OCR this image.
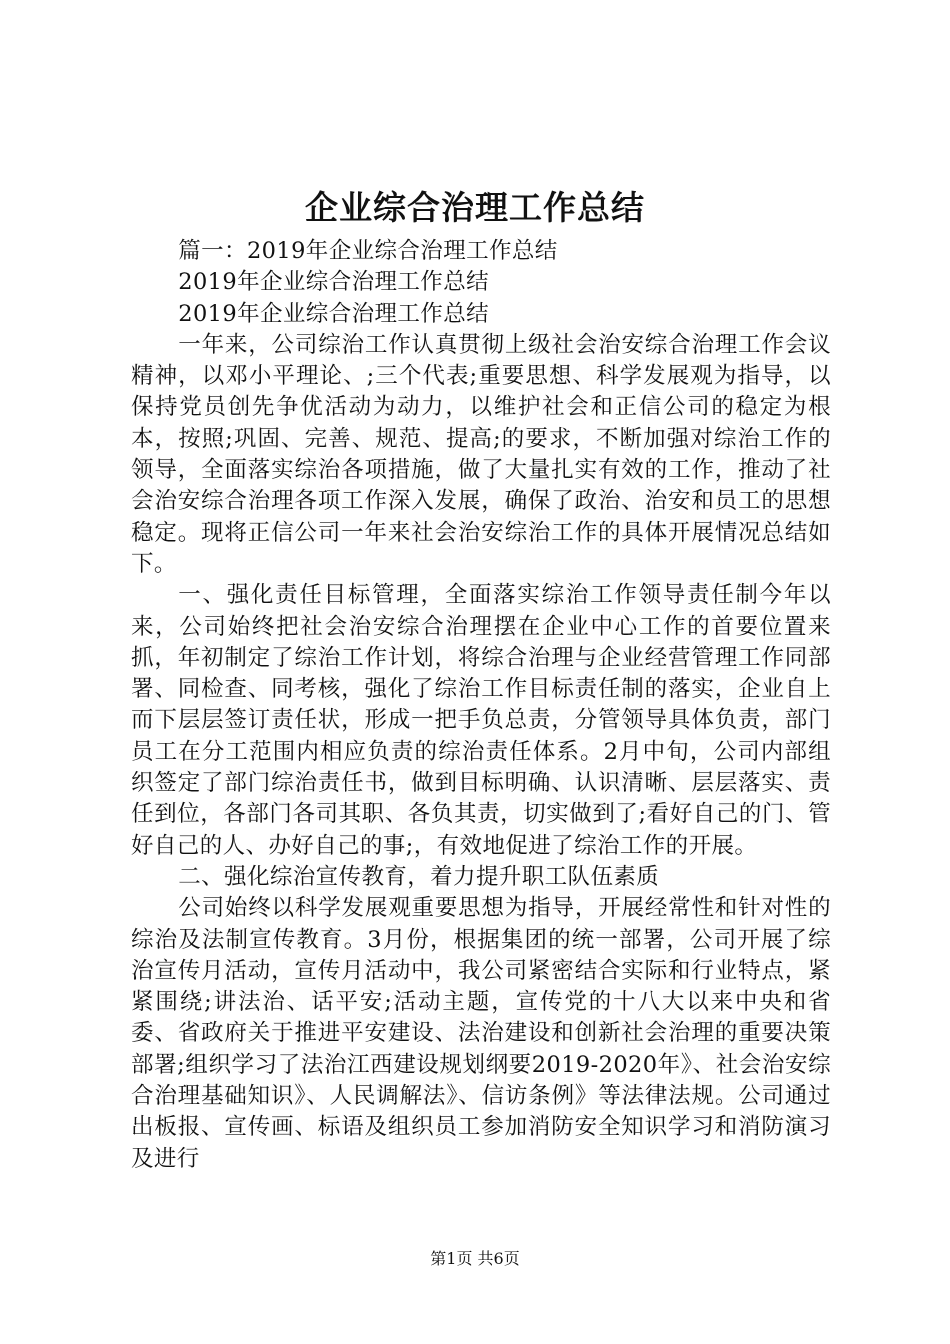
企业综合治理工作总结

篇一：2019年企业综合治理工作总结

2019年企业综合治理工作总结

2019年企业综合治理工作总结

一年来，公司综治工作认真贯彻上级社会治安综合治理工作会议精神，以邓小平理论、;三个代表;重要思想、科学发展观为指导，以保持党员创先争优活动为动力，以维护社会和正信公司的稳定为根本，按照;巩固、完善、规范、提高;的要求，不断加强对综治工作的领导，全面落实综治各项措施，做了大量扎实有效的工作，推动了社会治安综合治理各项工作深入发展，确保了政治、治安和员工的思想稳定。现将正信公司一年来社会治安综治工作的具体开展情况总结如下。

一、强化责任目标管理，全面落实综治工作领导责任制今年以来，公司始终把社会治安综合治理摆在企业中心工作的首要位置来抓，年初制定了综治工作计划，将综合治理与企业经营管理工作同部署、同检查、同考核，强化了综治工作目标责任制的落实，企业自上而下层层签订责任状，形成一把手负总责，分管领导具体负责，部门员工在分工范围内相应负责的综治责任体系。2月中旬，公司内部组织签定了部门综治责任书，做到目标明确、认识清晰、层层落实、责任到位，各部门各司其职、各负其责，切实做到了;看好自己的门、管好自己的人、办好自己的事;，有效地促进了综治工作的开展。

二、强化综治宣传教育，着力提升职工队伍素质

公司始终以科学发展观重要思想为指导，开展经常性和针对性的综治及法制宣传教育。3月份，根据集团的统一部署，公司开展了综治宣传月活动，宣传月活动中，我公司紧密结合实际和行业特点，紧紧围绕;讲法治、话平安;活动主题，宣传党的十八大以来中央和省委、省政府关于推进平安建设、法治建设和创新社会治理的重要决策部署;组织学习了法治江西建设规划纲要2019-2020年》、社会治安综合治理基础知识》、人民调解法》、信访条例》等法律法规。公司通过出板报、宣传画、标语及组织员工参加消防安全知识学习和消防演习及进行

第1页 共6页
